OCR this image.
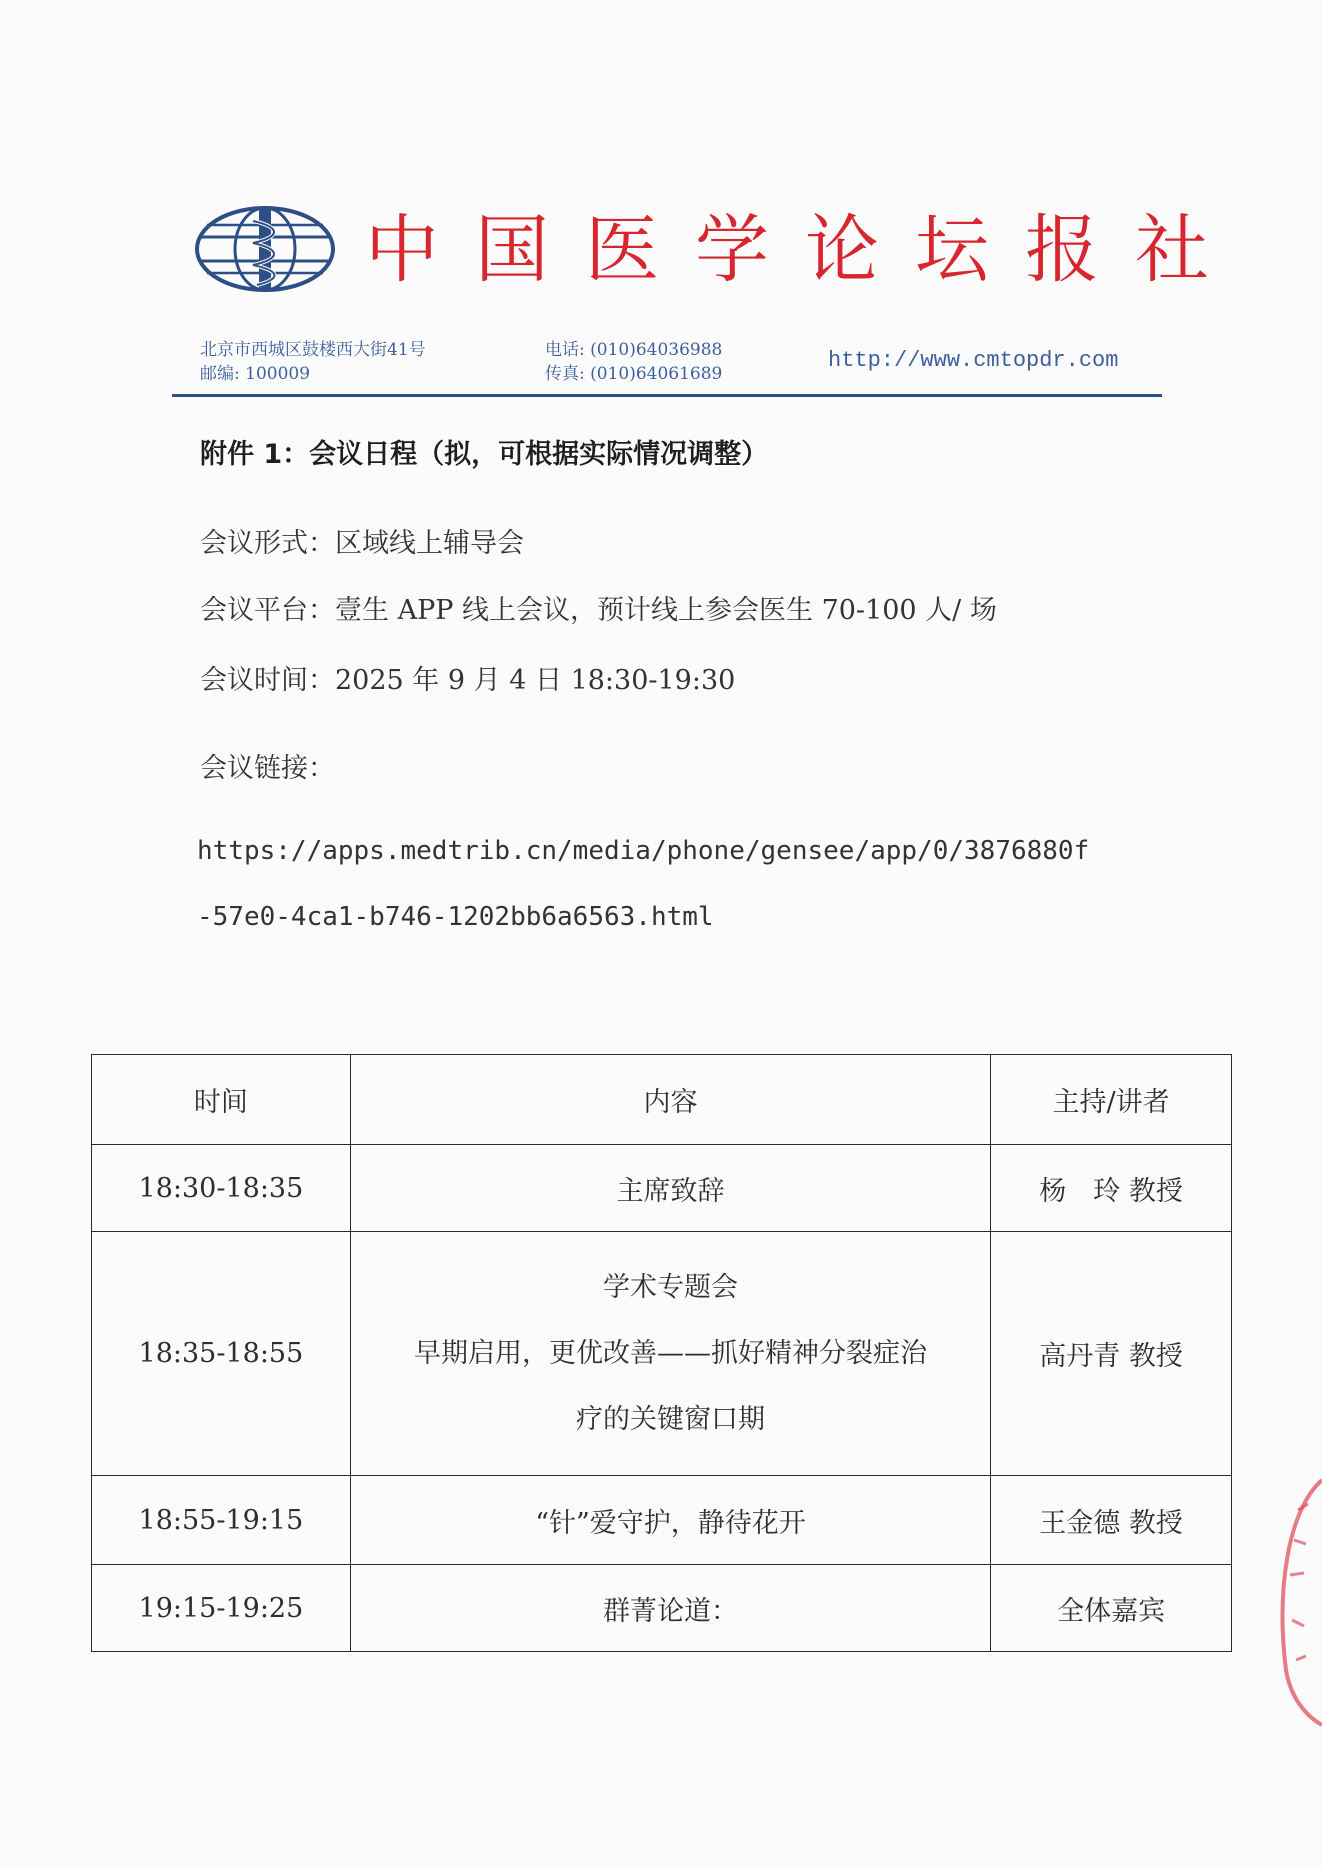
中国医学论坛报社
北京市西城区鼓楼西大街41号
邮编: 100009
电话: (010)64036988
传真: (010)64061689
http://www.cmtopdr.com
附件 1：会议日程（拟，可根据实际情况调整）
会议形式：区域线上辅导会
会议平台：壹生 APP 线上会议，预计线上参会医生 70-100 人/ 场
会议时间：2025 年 9 月 4 日 18:30-19:30
会议链接：
https://apps.medtrib.cn/media/phone/gensee/app/0/3876880f
-57e0-4ca1-b746-1202bb6a6563.html
时间	内容	主持/讲者
18:30-18:35	主席致辞	杨　玲 教授
18:35-18:55	学术专题会
早期启用，更优改善——抓好精神分裂症治
疗的关键窗口期	高丹青 教授
18:55-19:15	“针”爱守护，静待花开	王金德 教授
19:15-19:25	群菁论道：	全体嘉宾
